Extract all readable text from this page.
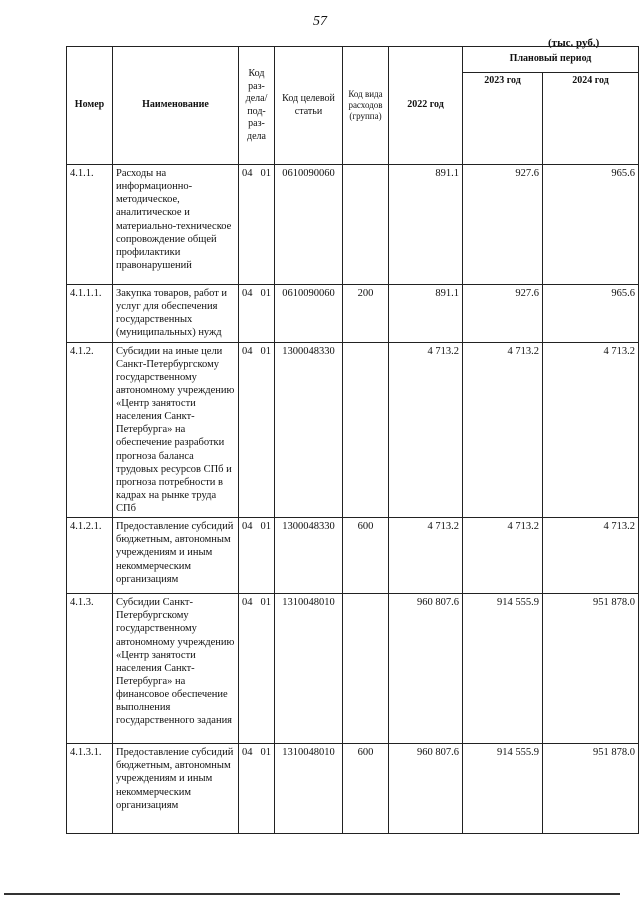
57
(тыс. руб.)
Номер	Наименование	Код раз-дела/ под-раз-дела	Код целевой статьи	Код вида расходов (группа)	2022 год	Плановый период	
						2023 год	2024 год
4.1.1.	Расходы на информационно-методическое, аналитическое и материально-техническое сопровождение общей профилактики правонарушений	04 01	0610090060		891.1	927.6	965.6
4.1.1.1.	Закупка товаров, работ и услуг для обеспечения государственных (муниципальных) нужд	04 01	0610090060	200	891.1	927.6	965.6
4.1.2.	Субсидии на иные цели Санкт-Петербургскому государственному автономному учреждению «Центр занятости населения Санкт-Петербурга» на обеспечение разработки прогноза баланса трудовых ресурсов СПб и прогноза потребности в кадрах на рынке труда СПб	04 01	1300048330		4 713.2	4 713.2	4 713.2
4.1.2.1.	Предоставление субсидий бюджетным, автономным учреждениям и иным некоммерческим организациям	04 01	1300048330	600	4 713.2	4 713.2	4 713.2
4.1.3.	Субсидии Санкт-Петербургскому государственному автономному учреждению «Центр занятости населения Санкт-Петербурга» на финансовое обеспечение выполнения государственного задания	04 01	1310048010		960 807.6	914 555.9	951 878.0
4.1.3.1.	Предоставление субсидий бюджетным, автономным учреждениям и иным некоммерческим организациям	04 01	1310048010	600	960 807.6	914 555.9	951 878.0
